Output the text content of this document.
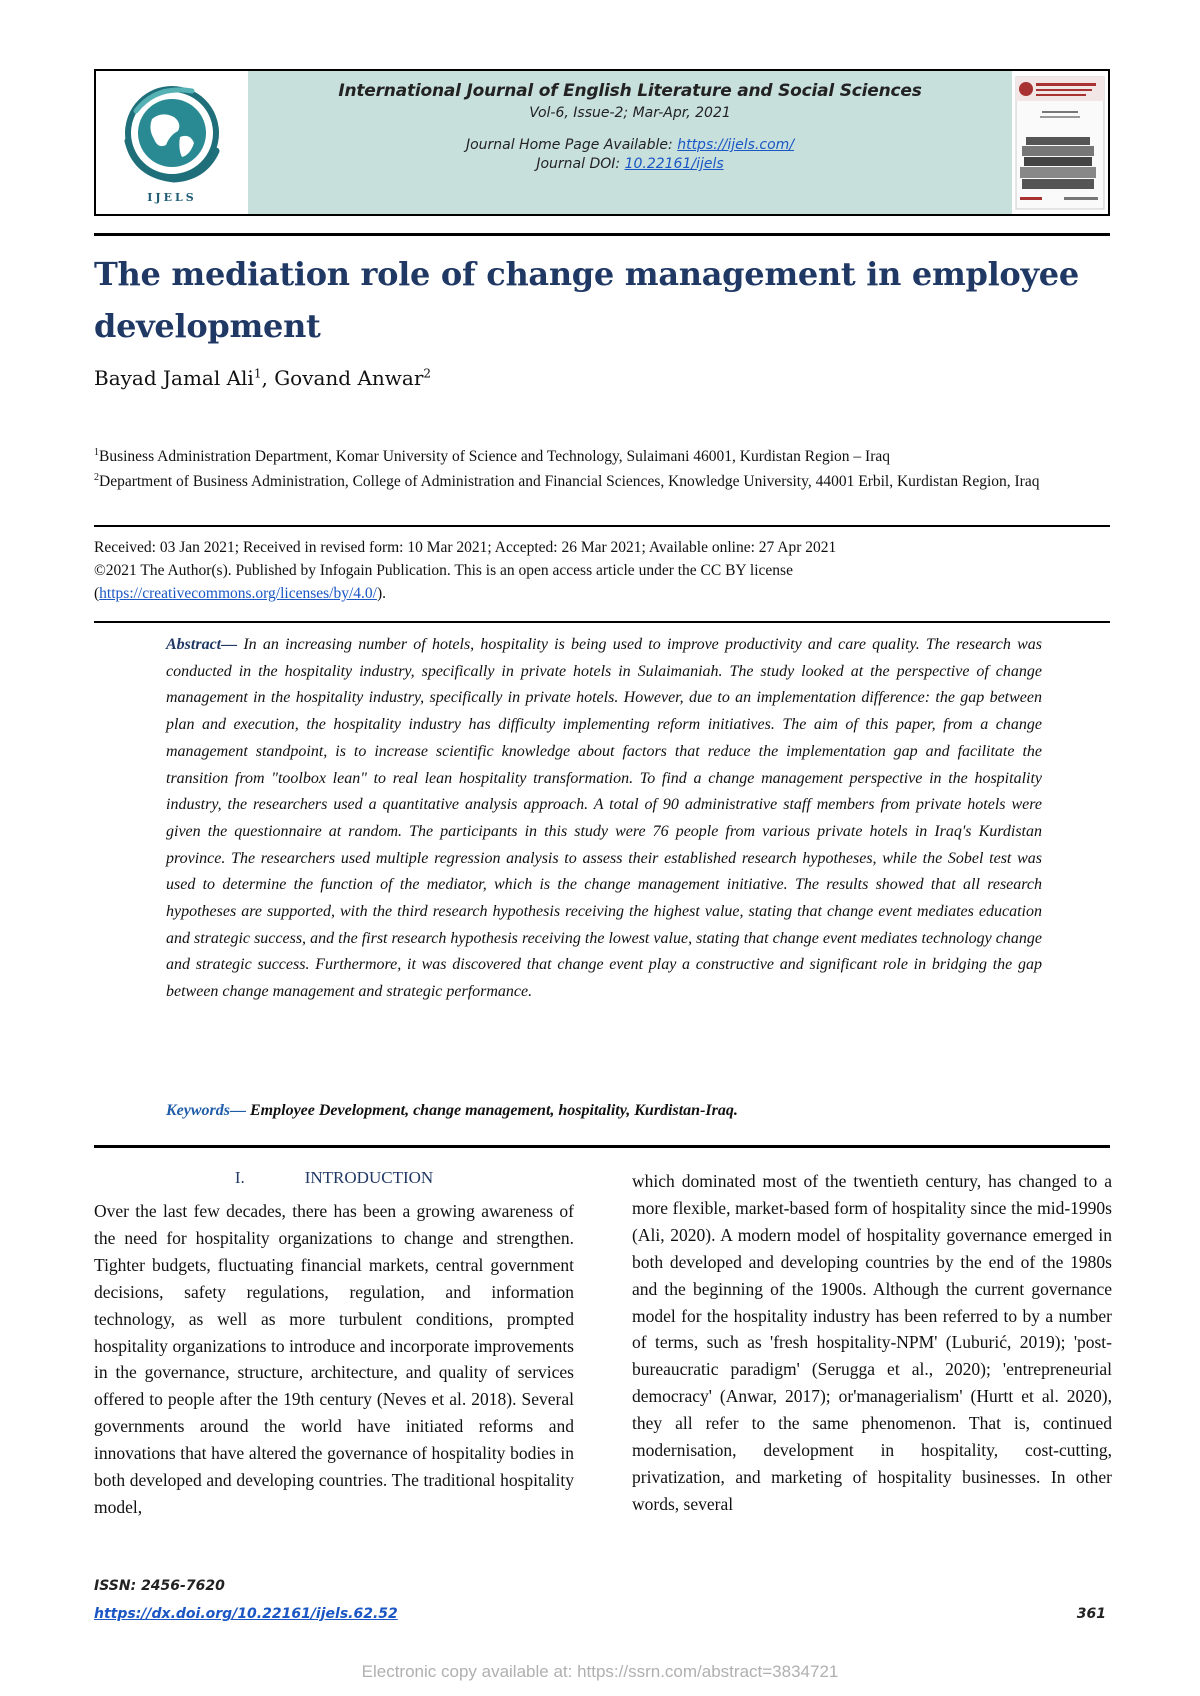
IJELS
International Journal of English Literature and Social Sciences
Vol-6, Issue-2; Mar-Apr, 2021
Journal Home Page Available: https://ijels.com/
Journal DOI: 10.22161/ijels
The mediation role of change management in employee development
Bayad Jamal Ali$^1$, Govand Anwar$^2$
$^1$Business Administration Department, Komar University of Science and Technology, Sulaimani 46001, Kurdistan Region – Iraq
$^2$Department of Business Administration, College of Administration and Financial Sciences, Knowledge University, 44001 Erbil, Kurdistan Region, Iraq
Received: 03 Jan 2021; Received in revised form: 10 Mar 2021; Accepted: 26 Mar 2021; Available online: 27 Apr 2021
©2021 The Author(s). Published by Infogain Publication. This is an open access article under the CC BY license
(https://creativecommons.org/licenses/by/4.0/).
Abstract— In an increasing number of hotels, hospitality is being used to improve productivity and care quality. The research was conducted in the hospitality industry, specifically in private hotels in Sulaimaniah. The study looked at the perspective of change management in the hospitality industry, specifically in private hotels. However, due to an implementation difference: the gap between plan and execution, the hospitality industry has difficulty implementing reform initiatives. The aim of this paper, from a change management standpoint, is to increase scientific knowledge about factors that reduce the implementation gap and facilitate the transition from "toolbox lean" to real lean hospitality transformation. To find a change management perspective in the hospitality industry, the researchers used a quantitative analysis approach. A total of 90 administrative staff members from private hotels were given the questionnaire at random. The participants in this study were 76 people from various private hotels in Iraq's Kurdistan province. The researchers used multiple regression analysis to assess their established research hypotheses, while the Sobel test was used to determine the function of the mediator, which is the change management initiative. The results showed that all research hypotheses are supported, with the third research hypothesis receiving the highest value, stating that change event mediates education and strategic success, and the first research hypothesis receiving the lowest value, stating that change event mediates technology change and strategic success. Furthermore, it was discovered that change event play a constructive and significant role in bridging the gap between change management and strategic performance.
Keywords— Employee Development, change management, hospitality, Kurdistan-Iraq.
I.	INTRODUCTION
Over the last few decades, there has been a growing awareness of the need for hospitality organizations to change and strengthen. Tighter budgets, fluctuating financial markets, central government decisions, safety regulations, regulation, and information technology, as well as more turbulent conditions, prompted hospitality organizations to introduce and incorporate improvements in the governance, structure, architecture, and quality of services offered to people after the 19th century (Neves et al. 2018). Several governments around the world have initiated reforms and innovations that have altered the governance of hospitality bodies in both developed and developing countries. The traditional hospitality model,
which dominated most of the twentieth century, has changed to a more flexible, market-based form of hospitality since the mid-1990s (Ali, 2020). A modern model of hospitality governance emerged in both developed and developing countries by the end of the 1980s and the beginning of the 1900s. Although the current governance model for the hospitality industry has been referred to by a number of terms, such as 'fresh hospitality-NPM' (Luburić, 2019); 'post-bureaucratic paradigm' (Serugga et al., 2020); 'entrepreneurial democracy' (Anwar, 2017); or'managerialism' (Hurtt et al. 2020), they all refer to the same phenomenon. That is, continued modernisation, development in hospitality, cost-cutting, privatization, and marketing of hospitality businesses. In other words, several
ISSN: 2456-7620
https://dx.doi.org/10.22161/ijels.62.52	361
Electronic copy available at: https://ssrn.com/abstract=3834721
